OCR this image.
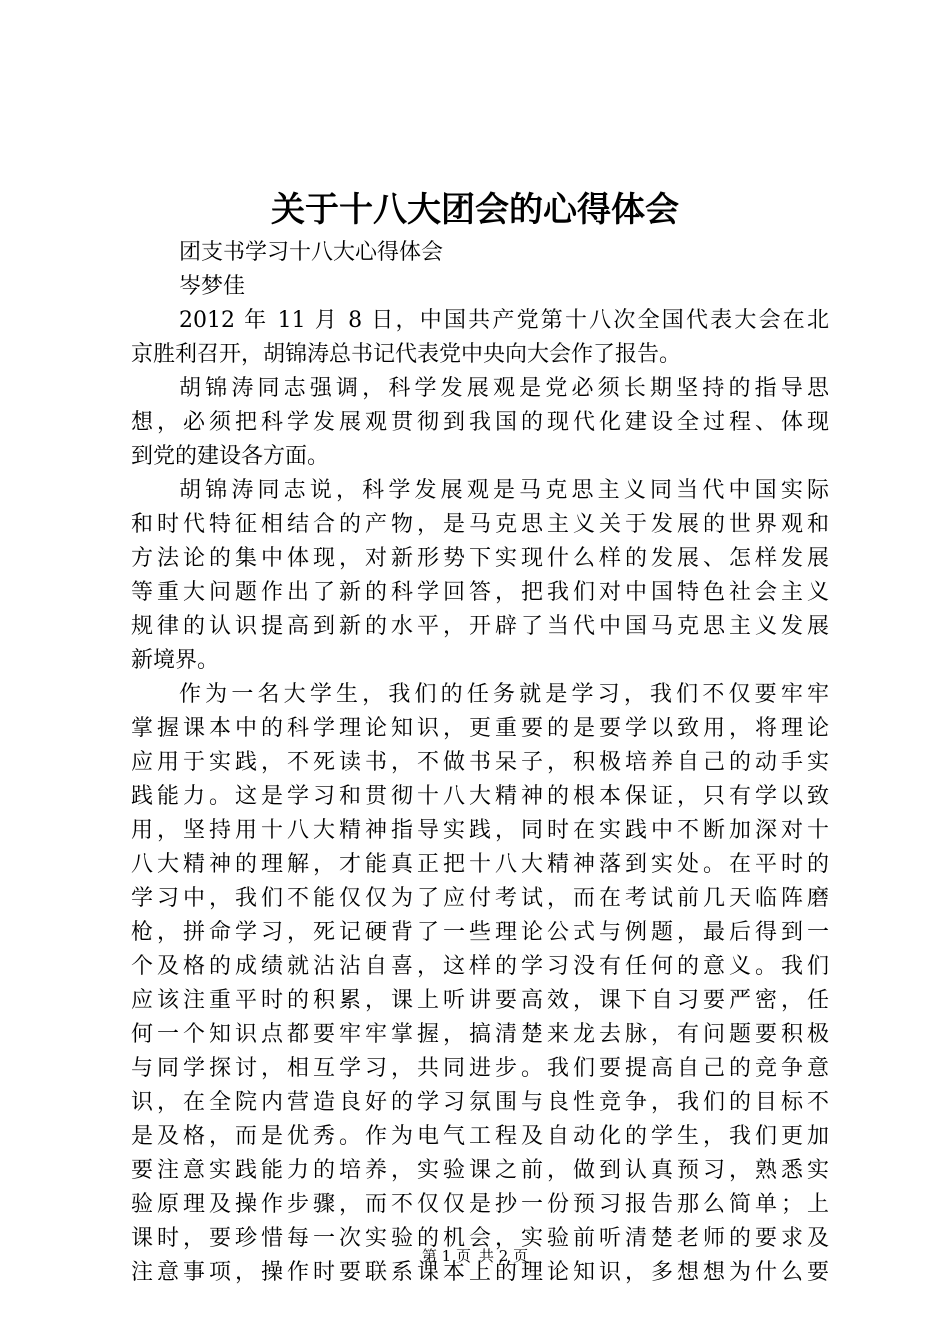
关于十八大团会的心得体会

团支书学习十八大心得体会

岑梦佳

2012 年 11 月 8 日，中国共产党第十八次全国代表大会在北

京胜利召开，胡锦涛总书记代表党中央向大会作了报告。

胡锦涛同志强调，科学发展观是党必须长期坚持的指导思

想，必须把科学发展观贯彻到我国的现代化建设全过程、体现

到党的建设各方面。

胡锦涛同志说，科学发展观是马克思主义同当代中国实际

和时代特征相结合的产物，是马克思主义关于发展的世界观和

方法论的集中体现，对新形势下实现什么样的发展、怎样发展

等重大问题作出了新的科学回答，把我们对中国特色社会主义

规律的认识提高到新的水平，开辟了当代中国马克思主义发展

新境界。

作为一名大学生，我们的任务就是学习，我们不仅要牢牢

掌握课本中的科学理论知识，更重要的是要学以致用，将理论

应用于实践，不死读书，不做书呆子，积极培养自己的动手实

践能力。这是学习和贯彻十八大精神的根本保证，只有学以致

用，坚持用十八大精神指导实践，同时在实践中不断加深对十

八大精神的理解，才能真正把十八大精神落到实处。在平时的

学习中，我们不能仅仅为了应付考试，而在考试前几天临阵磨

枪，拼命学习，死记硬背了一些理论公式与例题，最后得到一

个及格的成绩就沾沾自喜，这样的学习没有任何的意义。我们

应该注重平时的积累，课上听讲要高效，课下自习要严密，任

何一个知识点都要牢牢掌握，搞清楚来龙去脉，有问题要积极

与同学探讨，相互学习，共同进步。我们要提高自己的竞争意

识，在全院内营造良好的学习氛围与良性竞争，我们的目标不

是及格，而是优秀。作为电气工程及自动化的学生，我们更加

要注意实践能力的培养，实验课之前，做到认真预习，熟悉实

验原理及操作步骤，而不仅仅是抄一份预习报告那么简单；上

课时，要珍惜每一次实验的机会，实验前听清楚老师的要求及

注意事项，操作时要联系课本上的理论知识，多想想为什么要

第 1 页 共 2 页
